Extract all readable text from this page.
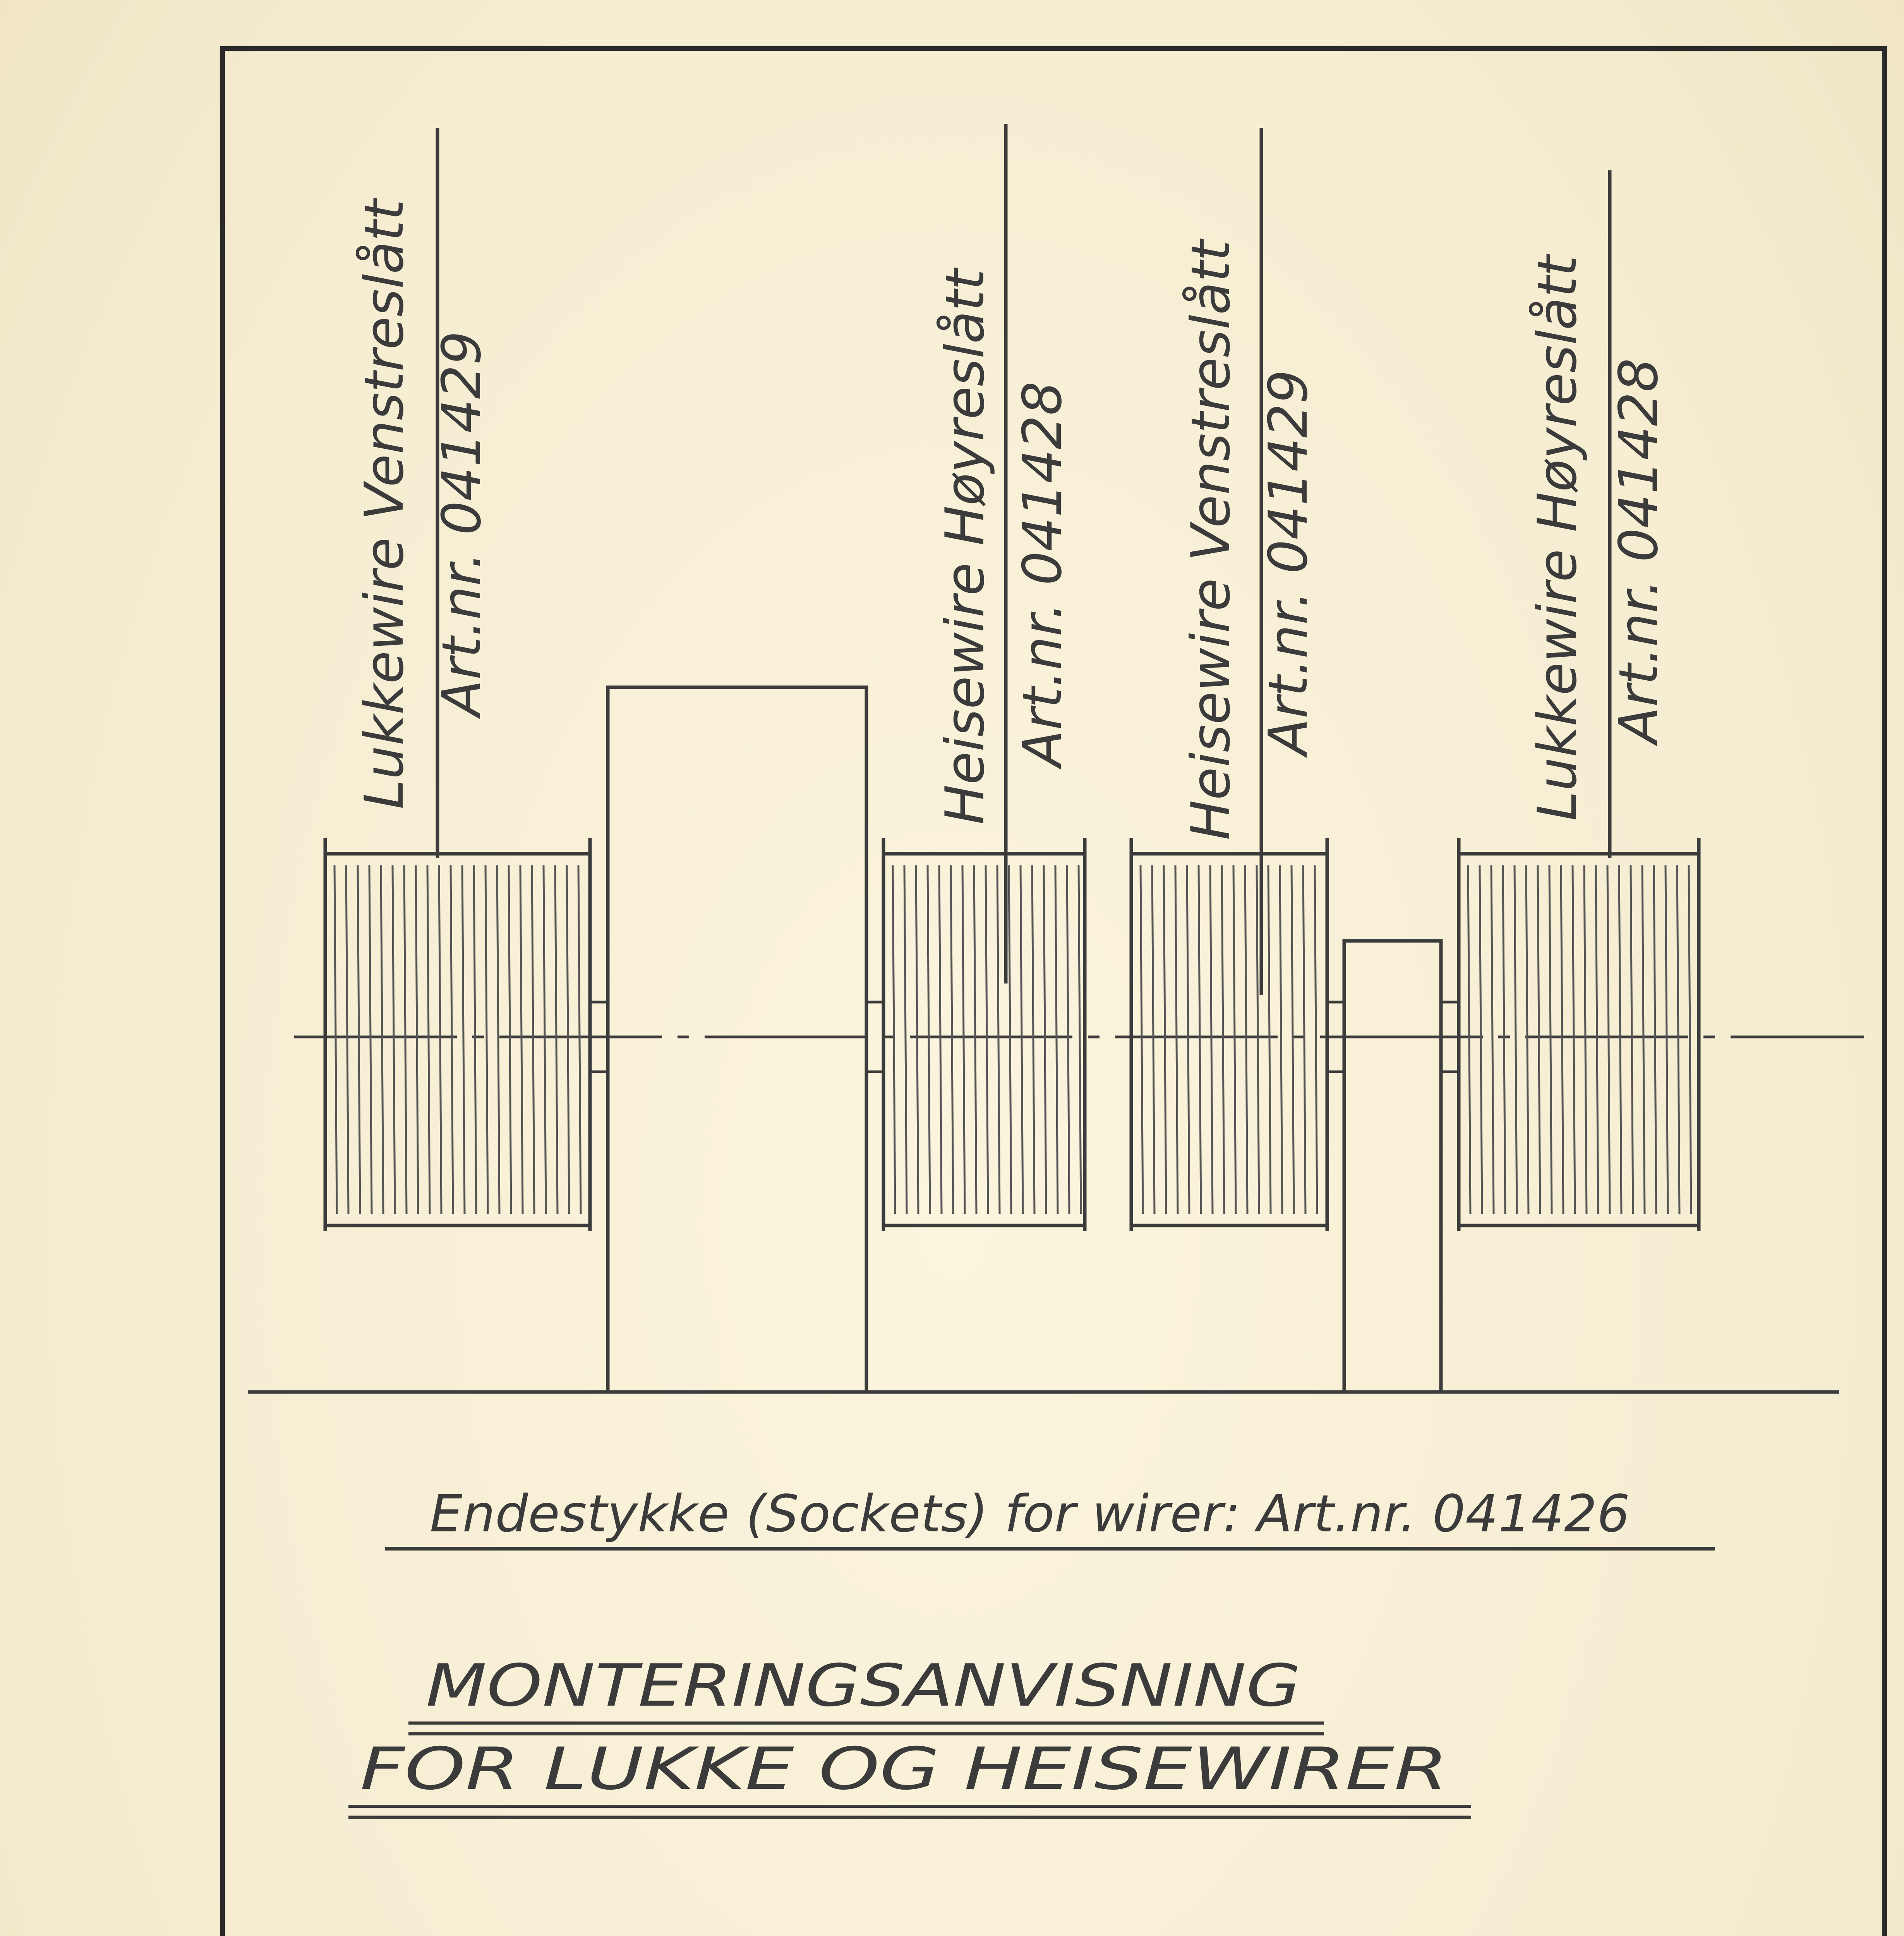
Lukkewire Venstreslått Art.nr. 041429	Heisewire Høyreslått Art.nr. 041428 Heisewire Venstreslått Art.nr. 041429	Lukkewire Høyreslått Art.nr. 041428
Endestykke (Sockets) for wirer: Art.nr. 041426
MONTERINGSANVISNING
FOR LUKKE OG HEISEWIRER
